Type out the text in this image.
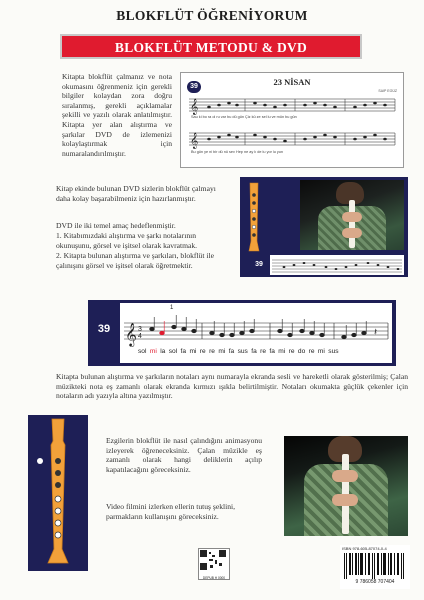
BLOKFLÜT ÖĞRENİYORUM
BLOKFLÜT METODU & DVD
Kitapta blokflüt çalmanız ve nota okumasını öğrenmeniz için gerekli bilgiler kolaydan zora doğru sıralanmış, gerekli açıklamalar şekilli ve yazılı olarak anlatılmıştır. Kitapta yer alan alıştırma ve şarkılar DVD de izlemenizi kolaylaştırmak için numaralandırılmıştır.
39	23 NİSAN
SAIP EGÜZ
𝄞
𝄞
Sau ki bo ra ol ru var bu dü gün Çiz kü ze sel lu ve mün bu gün
Bu gün ye ni bir dü nü sev Hep ne ay lı de lu yor lu yun
Kitap ekinde bulunan DVD sizlerin blokflüt çalmayı daha kolay başarabilmeniz için hazırlanmıştır.
DVD ile iki temel amaç hedeflenmiştir.
1. Kitabımızdaki alıştırma ve şarkı notalarının okunuşunu, görsel ve işitsel olarak kavratmak.
2. Kitapta bulunan alıştırma ve şarkıları, blokflüt ile çalınışını görsel ve işitsel olarak öğretmektir.	39
39
1
𝄞 3
4	𝄽
sol mi la sol fa mi re re mi fa sus fa re fa mi re do re mi sus
Kitapta bulunan alıştırma ve şarkıların notaları aynı numarayla ekranda sesli ve hareketli olarak gösterilmiş; Çalan müzikteki nota eş zamanlı olarak ekranda kırmızı ışıkla belirtilmiştir. Notaları okumakta güçlük çekenler için notaların adı yazıyla altına yazılmıştır.
Ezgilerin blokflüt ile nasıl çalındığını animasyonu izleyerek öğreneceksiniz. Çalan müzikle eş zamanlı olarak hangi deliklerin açılıp kapatılacağını göreceksiniz.
Video filmini izlerken ellerin tutuş şeklini, parmakların kullanışını göreceksiniz.
DEPUB H 0000
ISBN 978-605-87074-0-4
9 786058 707404
